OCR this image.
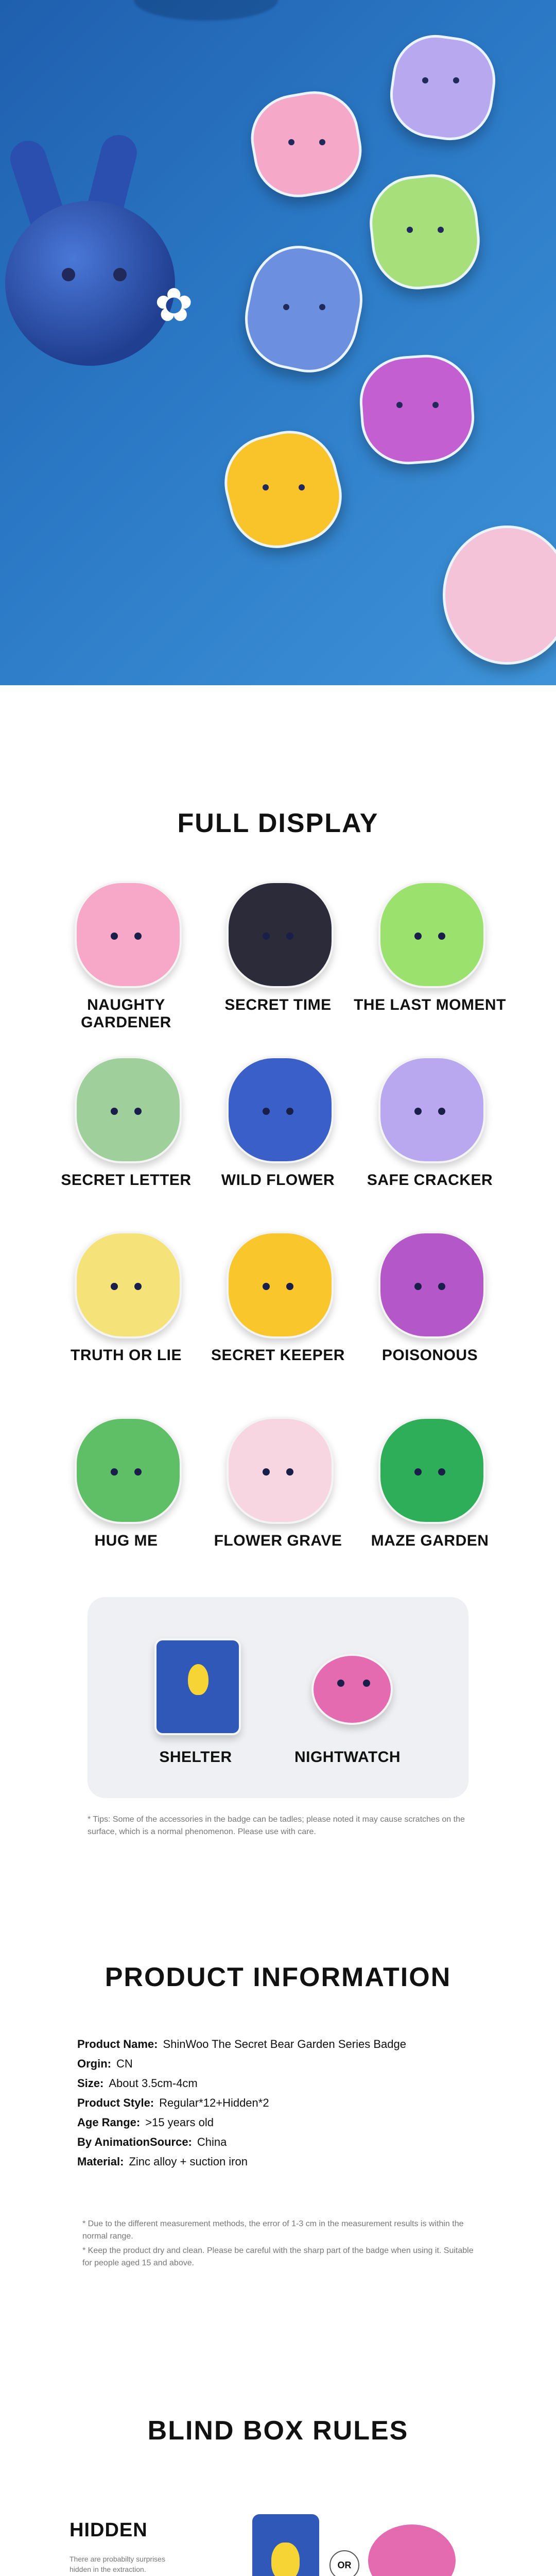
✿
FULL DISPLAY
NAUGHTY GARDENER
SECRET TIME	THE LAST MOMENT
SECRET LETTER	WILD FLOWER	SAFE CRACKER
TRUTH OR LIE	SECRET KEEPER	POISONOUS
HUG ME	FLOWER GRAVE	MAZE GARDEN
SHELTER	NIGHTWATCH
* Tips: Some of the accessories in the badge can be tadles; please noted it may cause scratches on the surface, which is a normal phenomenon. Please use with care.
PRODUCT INFORMATION
Product Name: ShinWoo The Secret Bear Garden Series Badge
Orgin: CN
Size: About 3.5cm-4cm
Product Style: Regular*12+Hidden*2
Age Range: >15 years old
By AnimationSource: China
Material: Zinc alloy + suction iron
* Due to the different measurement methods, the error of 1-3 cm in the measurement results is within the normal range.
* Keep the product dry and clean. Please be careful with the sharp part of the badge when using it. Suitable for people aged 15 and above.
BLIND BOX RULES
HIDDEN
There are probabilty surprises hidden in the extraction.	OR
